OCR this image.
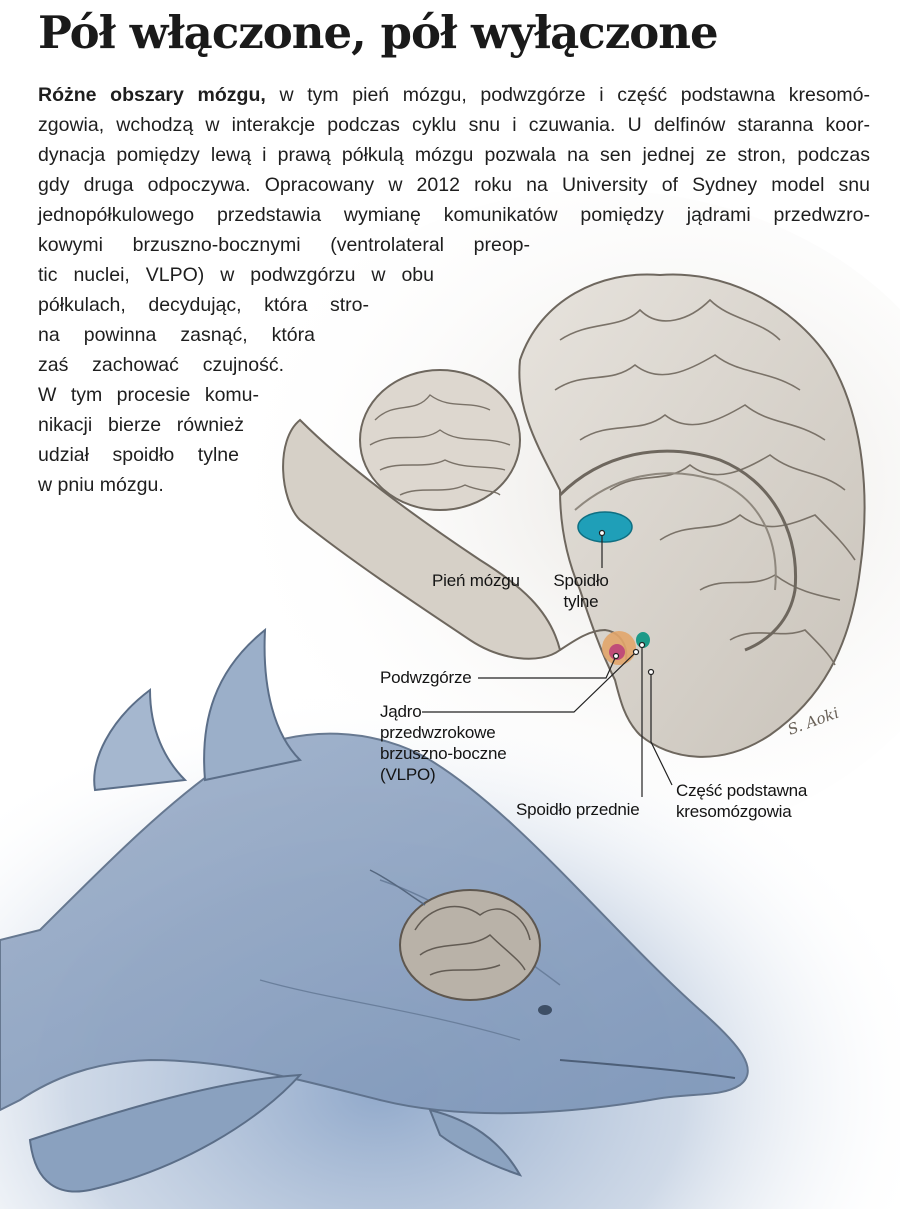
S. Aoki
Pół włączone, pół wyłączone

Różne obszary mózgu, w tym pień mózgu, podwzgórze i część podstawna kresomó-

zgowia, wchodzą w interakcje podczas cyklu snu i czuwania. U delfinów staranna koor-

dynacja pomiędzy lewą i prawą półkulą mózgu pozwala na sen jednej ze stron, podczas

gdy druga odpoczywa. Opracowany w 2012 roku na University of Sydney model snu

jednopółkulowego przedstawia wymianę komunikatów pomiędzy jądrami przedwzro-

kowymi brzuszno-bocznymi (ventrolateral preop-

tic nuclei, VLPO) w podwzgórzu w obu

półkulach, decydując, która stro-

na powinna zasnąć, która

zaś zachować czujność.

W tym procesie komu-

nikacji bierze również

udział spoidło tylne

w pniu mózgu.

Pień mózgu Spoidło
tylne
Podwzgórze
Jądro
przedwzrokowe
brzuszno-boczne
(VLPO)
Spoidło przednie
Część podstawna
kresomózgowia
